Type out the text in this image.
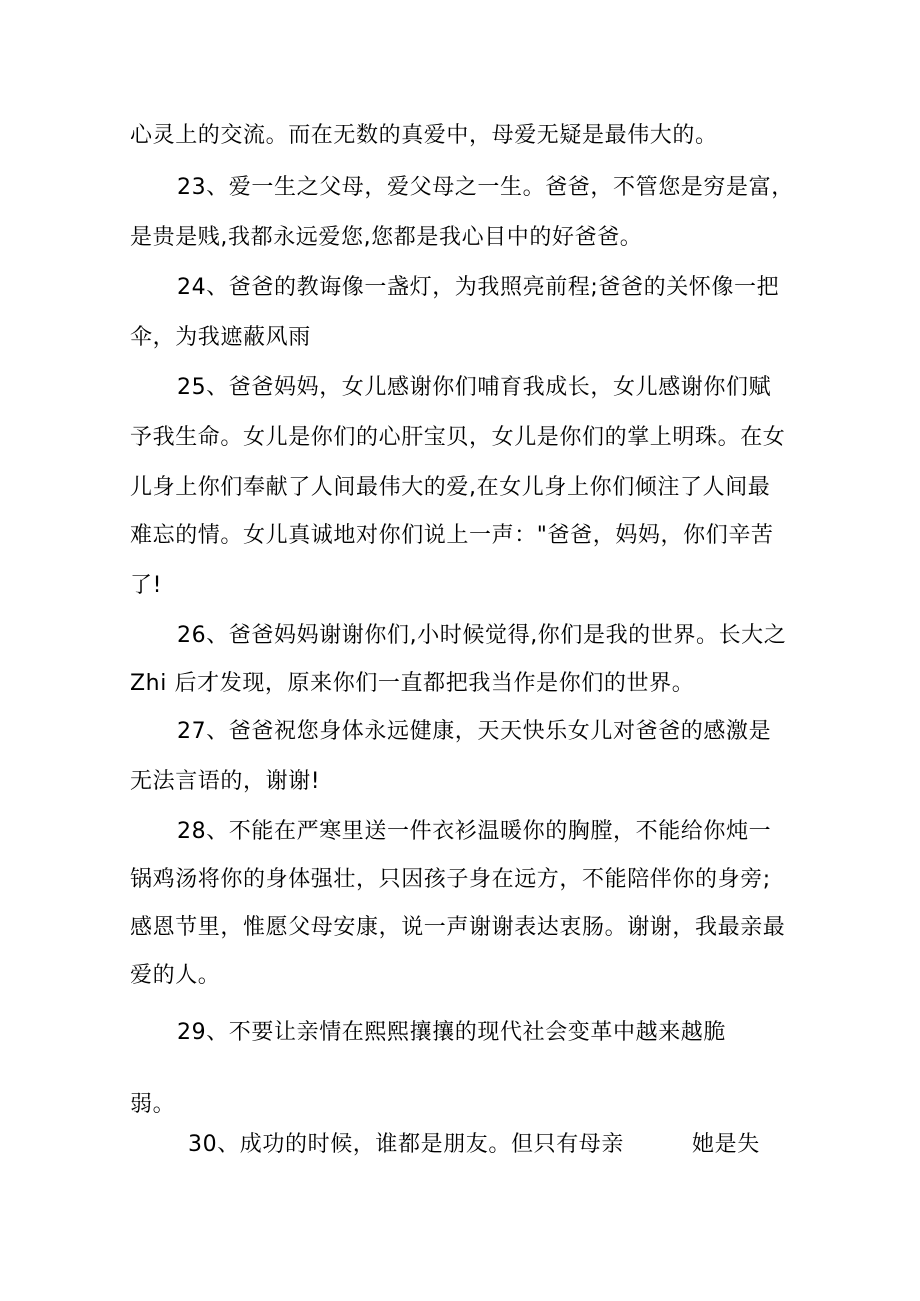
心灵上的交流。而在无数的真爱中，母爱无疑是最伟大的。
23、爱一生之父母，爱父母之一生。爸爸，不管您是穷是富，
是贵是贱,我都永远爱您,您都是我心目中的好爸爸。
24、爸爸的教诲像一盏灯，为我照亮前程;爸爸的关怀像一把
伞，为我遮蔽风雨
25、爸爸妈妈，女儿感谢你们哺育我成长，女儿感谢你们赋
予我生命。女儿是你们的心肝宝贝，女儿是你们的掌上明珠。在女
儿身上你们奉献了人间最伟大的爱,在女儿身上你们倾注了人间最
难忘的情。女儿真诚地对你们说上一声："爸爸，妈妈，你们辛苦
了!
26、爸爸妈妈谢谢你们,小时候觉得,你们是我的世界。长大之
Zhi 后才发现，原来你们一直都把我当作是你们的世界。
27、爸爸祝您身体永远健康，天天快乐女儿对爸爸的感激是
无法言语的，谢谢!
28、不能在严寒里送一件衣衫温暖你的胸膛，不能给你炖一
锅鸡汤将你的身体强壮，只因孩子身在远方，不能陪伴你的身旁;
感恩节里，惟愿父母安康，说一声谢谢表达衷肠。谢谢，我最亲最
爱的人。
29、不要让亲情在熙熙攘攘的现代社会变革中越来越脆
弱。
30、成功的时候，谁都是朋友。但只有母亲	她是失
